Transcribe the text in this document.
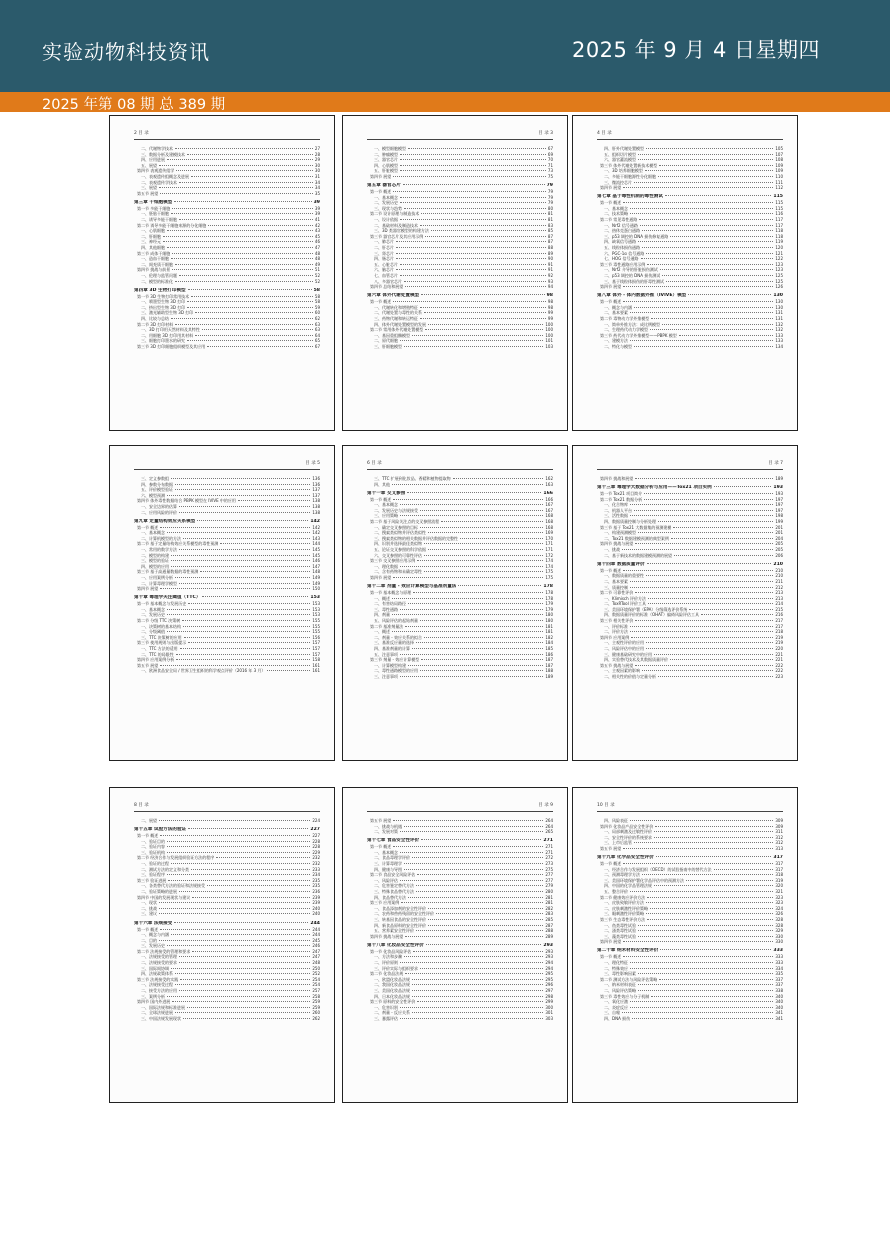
实验动物科技资讯	2025 年 9 月 4 日星期四
2025 年第 08 期 总 389 期
2 目 录
二、代谢物学技术	27
三、数据分析及建模技术	28
四、应用进展	29
五、展望	30
第四节 表观遗传组学	30
一、表观遗传组概念及进展	31
二、表观遗传学技术	34
三、展望	34
第五节 展望	35
第三章 干细胞模型	39
第一节 多能干细胞	39
一、胚胎干细胞	39
二、诱导多能干细胞	41
第二节 诱导多能干细胞来源的分化细胞	42
一、心肌细胞	43
二、肝细胞	45
三、神经元	46
四、其他细胞	47
第三节 成体干细胞	48
一、造血干细胞	48
二、间充质干细胞	49
第四节 挑战与前景	51
一、伦理与监管问题	52
二、模型的标准化	52
第四章 3D 生物打印模型	58
第一节 3D 生物打印常用技术	58
一、喷墨型生物 3D 打印	58
二、挤出型生物 3D 打印	59
三、激光辅助型生物 3D 打印	60
四、比较与总结	62
第二节 3D 打印材料	63
一、3D 打印用天然材料及其特性	63
二、用细胞 3D 打印用其材料	64
三、细胞打印墨水的研究	65
第三节 3D 打印细胞组织模型及其应用	67
目 录 3
一、模型细胞模型	67
二、肿瘤模型	69
三、器官芯片	70
四、心肌模型	71
五、肝脏模型	73
第四节 展望	75
第五章 器官芯片	79
第一节 概述	79
一、基本概念	79
二、发展历史	79
三、现状与趋势	80
第二节 设计原理与制造技术	81
一、设计依据	81
二、基础材料及制造技术	83
三、3D 类器官模型的构建方法	85
第三节 器官芯片及其应用示例	87
一、肺芯片	87
二、肝芯片	88
三、肾芯片	89
四、肠芯片	90
五、心脏芯片	91
六、脑芯片	91
七、血管芯片	92
八、多器官芯片	93
第四节 总结和展望	94
第六章 体外代谢处置模型	98
第一节 概述	98
一、代谢转化和增殖特征	98
二、代谢处置与毒性的关系	99
三、药物代谢和转运特征	99
四、体外代谢处置模型的发展	100
第二节 常用体外代谢处置模型	100
一、基因重组酶模型	100
二、原代细胞	101
三、肝细胞模型	103
4 目 录
四、肝外代谢处置模型	105
五、组织切片模型	107
六、器官灌流模型	108
第三节 体外代谢处置新技术模型	109
一、3D 培养细胞模型	109
二、多能干细胞源性分化细胞	110
三、微流控芯片	111
第四节 展望	112
第七章 基于毒性机制的毒性测试	115
第一节 概述	115
一、基本概念	115
二、技术策略	116
第二节 常见毒性通路	117
一、Nrf2 信号通路	117
二、热休克蛋白通路	118
三、p53 调控的 DNA 损伤修复通路	118
四、缺氧信号通路	119
五、线粒体损伤通路	120
六、PGC-1α 信号通路	121
七、HOG 信号通路	122
第三节 毒性通路应用示例	123
一、Nrf2 介导的肝脏损伤测试	123
二、p53 调控的 DNA 损伤测试	125
三、基于线粒体损伤的肝毒性测试	125
第四节 展望	126
第八章 体外 - 体内数据外推（IVIVE）模型	130
第一节 概述	130
一、概念与内涵	130
二、基本要素	131
第二节 毒物动力学外推模型	131
一、简单外推方法：成比例模型	132
二、生理药代动力学模型	132
第三节 药代动力学外推模型——PBPK 模型	133
一、建模方法	133
二、特化与模型	134
目 录 5
三、定义参数组	136
四、参数分布数据	136
五、评价模型验证	137
六、模型预测	137
第四节 体外毒性数据结合 PBPK 模型在 IVIVE 中的应用	138
一、安全边界的估算	138
二、应用风险的评价	138
第九章 定量结构效应关系模型	142
第一节 概述	142
一、基本概念	142
二、计算机模型的方法	143
第二节 基于定量结构效应关系模型的毒性预测	144
一、常用的数学方法	145
二、模型的构建	145
三、模型的验证	146
四、模型的应用	147
第三节 基于高通量数据的毒性预测	148
一、应用案例分析	149
二、计算毒理学模型	149
第四节 展望	150
第十章 毒理学关注阈值（TTC）	153
第一节 基本概念与发展历史	153
一、基本概念	153
二、发展历史	153
第二节 分级 TTC 决策树	155
一、决策树的基本结构	155
二、分级阈值	155
三、TTC 决策树的应用	156
第三节 使用规则与出版提示	157
一、TTC 方法的适用	157
二、TTC 的局限性	157
第四节 应用案例分析	158
第五节 展望	161
一、欧洲食品安全局 / 世界卫生组织的科学观点评价（2016 年 3 月）	161
6 目 录
三、TTC 扩展到化妆品、香精和植物提取物	162
四、其他	163
第十一章 交叉参照	166
第一节 概述	166
一、基本概念	167
二、发展历史与法规接受	167
三、应用策略	168
第二节 基于风险关注点的交叉参照流程	168
一、确定交叉参照的目标	168
二、搜索类似物并评估类似性	169
三、搜索类似物的相关数据并评估数据的完整性	170
四、识别并选择最佳类似物	171
五、论证交叉参照的科学依据	171
六、交叉参照的可靠性评估	172
第三节 交叉参照应用示例	174
一、理化数据	174
二、含有药物和未确定毒性	175
第四节 展望	175
第十二章 剂量 - 效应计算模型与基准剂量法	178
第一节 基本概念与原理	178
一、概述	178
二、有害结局路径	179
三、毒性通路	179
四、剂量	180
五、风险评估的起始剂量	180
第二节 基准剂量法	181
一、概述	181
二、剂量 - 效应关系的拟合	182
三、基准反应量的选择	184
四、基准剂量的计算	185
五、注意事项	186
第三节 剂量 - 效应计算模型	187
一、计算模型构建	187
二、毒性通路模型的应用	188
三、注意事项	189
目 录 7
第四节 挑战和展望	189
第十三章 毒理学大数据分析与应用——Tox21 项目实例	193
第一节 Tox21 项目简介	193
第二节 Tox21 数据分析	197
一、化合物库	197
二、机器人平台	197
三、活性数据	198
四、数据质量控制与分析处理	199
第三节 基于 Tox21 大数据集的预测建模	201
一、构建预测模型	201
二、Tox21 数据建模预测的典型案例	204
第四节 挑战与展望	205
一、挑战	205
二、基于新技术的数据建模预测的展望	206
第十四章 数据质量评价	210
第一节 概述	210
一、数据质量的重要性	210
二、基本要素	211
三、质量控制	212
第二节 可靠性评价	213
一、Klimisch 评价方法	213
二、ToxRTool 评价工具	214
三、美国环境保护署（EPA）分级筛选评价系统	215
四、数据质量评价的标准（OHAT）偏倚风险评估工具	216
第三节 相关性评价	217
一、评价标准	217
二、评价方法	218
第四节 应用案例	219
一、主观性评价的应用	219
二、风险评估中的应用	220
三、健康基础研究中的应用	221
四、实验替代技术及其数据质量评价	221
第五节 挑战与展望	222
一、主观因素的影响	222
二、相关性的价值与定量分析	223
8 目 录
二、展望	224
第十五章 试验方法的验证	227
第一节 概述	227
一、验证目的	228
二、验证内容	228
三、验证机构	229
第二节 经济合作与发展组织验证方法的程序	232
一、验证的过程	232
二、测试方法的定义和分类	233
三、验证程序	234
第三节 验证进展	235
一、各类替代方法的验证和法规接受	235
二、验证策略的进展	236
第四节 中国的发展现状与建议	239
一、现状	239
二、挑战	240
三、建议	240
第十六章 法规接受	244
第一节 概述	244
一、概念与内涵	244
二、目的	245
三、发展历史	246
第二节 法规接受的管理和要求	247
一、法规接受的管理	247
二、法规接受的要求	248
三、国际间协调	250
四、法规政策体系	252
第三节 法规接受的实践	254
一、法规接受过程	254
二、接受方法的应用	257
三、案例分析	258
第四节 国内外进展	259
一、国际法规和标准进展	259
二、全球法规进展	260
三、中国法规发展现状	262
目 录 9
第五节 展望	264
一、挑战与机遇	264
二、发展对策	265
第十七章 食品安全性评价	271
第一节 概述	271
一、基本概念	271
二、食品毒理学评价	272
三、计算毒理学	273
四、健康与导图	275
第二节 食品安全风险评估	277
一、风险评估	277
二、危害鉴定替代方法	279
三、特殊食品替代方法	280
四、食品替代方法	281
第三节 应用案例	281
一、食品添加剂的安全性评价	282
二、农药和兽药残留的安全性评价	283
三、转基因食品的安全性评价	285
四、新食品原料的安全性评价	287
五、营养素安全性评价	288
第四节 挑战与展望	289
第十八章 化妆品安全性评价	293
第一节 化妆品风险评估	293
一、方法和步骤	293
二、评价原则	294
三、评价实际与组织要求	294
第二节 化妆品法规	295
一、欧盟化妆品法规	295
二、我国化妆品法规	296
三、美国化妆品法规	297
四、日本化妆品法规	298
第三节 原料的安全性评价	299
一、危害识别	300
二、剂量 - 反应关系	301
三、暴露评估	303
10 目 录
四、风险表征	309
第四节 化妆品产品安全性评价	309
一、局部刺激及过敏性评价	311
二、安全性评价的系统要求	312
三、上市后监管	312
第五节 展望	313
第十九章 化学品安全性评价	317
第一节 概述	317
一、经济合作与发展组织（OECD）的试验指南中的替代方法	317
二、预测毒理学方法	318
三、美国环境保护署化学品评估中的预测方法	319
四、中国的化学品管理法规	320
五、整合评价	321
第二节 健康效应评价方法	323
一、皮肤致敏评价方法	323
二、皮肤刺激性评价策略	324
三、眼刺激性评价策略	326
第三节 生态毒性评价方法	328
一、鱼类毒性试验	328
二、溞类毒性试验	329
三、藻类毒性试验	330
第四节 展望	330
第二十章 纳米材料安全性评价	333
第一节 概述	333
一、理化特征	333
二、特殊效应	334
三、毒性影响因素	335
第二节 测试方法与风险评估策略	337
一、纳米材料表征	337
二、风险评估策略	338
第三节 毒性效应与分子机制	340
一、氧化应激	340
二、炎症反应	340
三、自噬	341
四、DNA 损伤	341
